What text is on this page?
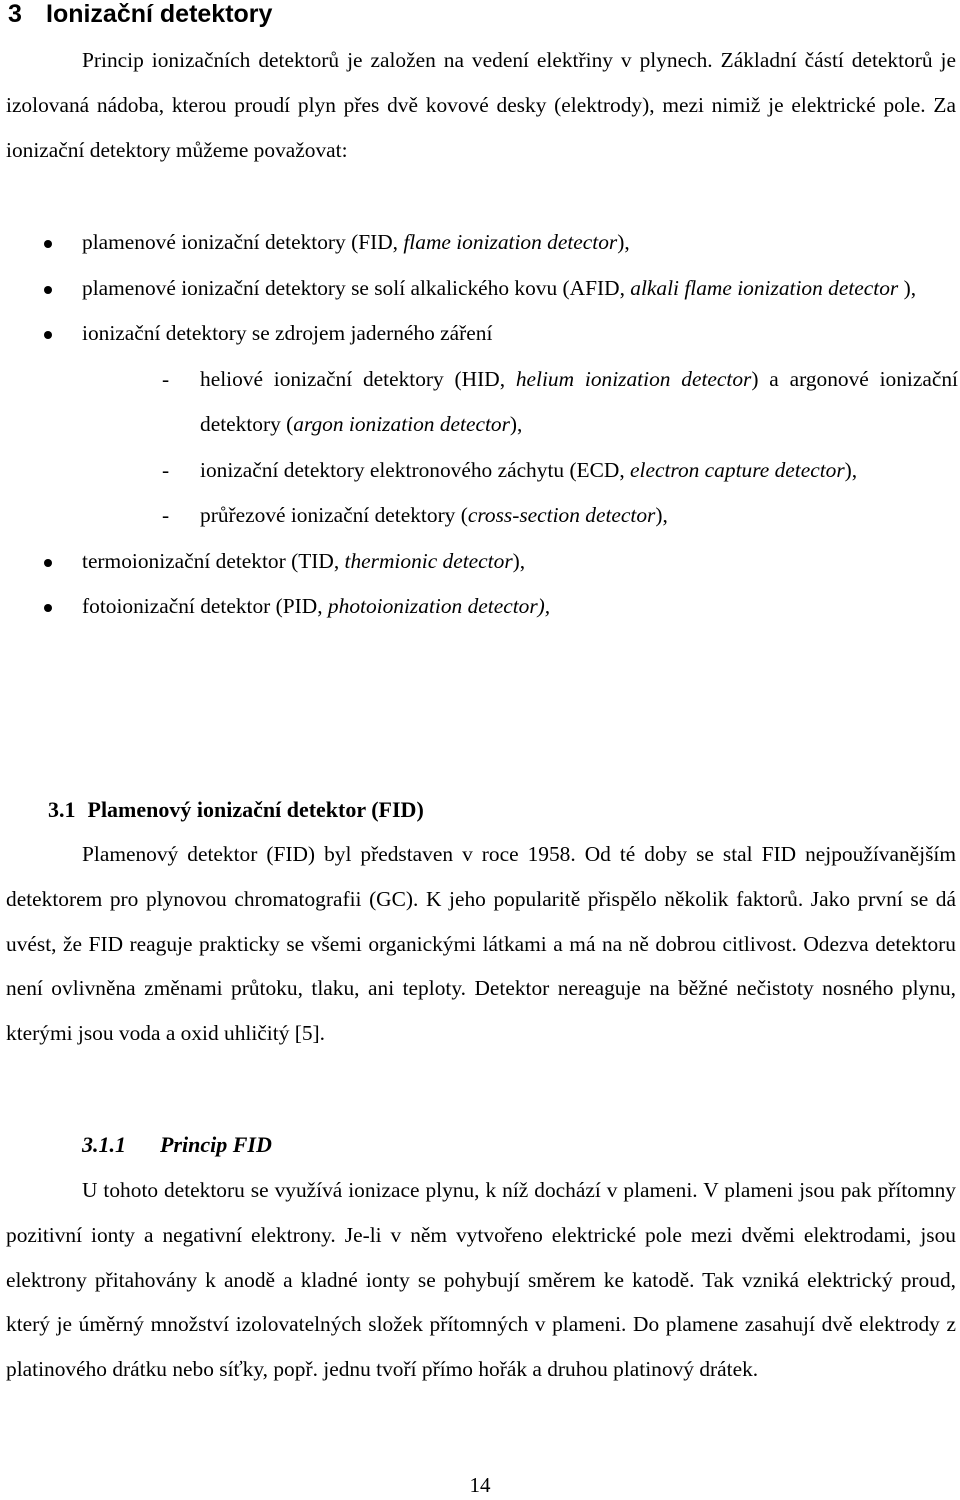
3 Ionizační detektory

Princip ionizačních detektorů je založen na vedení elektřiny v plynech. Základní částí detektorů je izolovaná nádoba, kterou proudí plyn přes dvě kovové desky (elektrody), mezi nimiž je elektrické pole. Za ionizační detektory můžeme považovat:

plamenové ionizační detektory (FID, flame ionization detector),
plamenové ionizační detektory se solí alkalického kovu (AFID, alkali flame ionization detector ),
ionizační detektory se zdrojem jaderného záření
- heliové ionizační detektory (HID, helium ionization detector) a argonové ionizační detektory (argon ionization detector),
- ionizační detektory elektronového záchytu (ECD, electron capture detector),
- průřezové ionizační detektory (cross-section detector),
termoionizační detektor (TID, thermionic detector),
fotoionizační detektor (PID, photoionization detector),
3.1 Plamenový ionizační detektor (FID)

Plamenový detektor (FID) byl představen v roce 1958. Od té doby se stal FID nejpoužívanějším detektorem pro plynovou chromatografii (GC). K jeho popularitě přispělo několik faktorů. Jako první se dá uvést, že FID reaguje prakticky se všemi organickými látkami a má na ně dobrou citlivost. Odezva detektoru není ovlivněna změnami průtoku, tlaku, ani teploty. Detektor nereaguje na běžné nečistoty nosného plynu, kterými jsou voda a oxid uhličitý [5].

3.1.1 Princip FID

U tohoto detektoru se využívá ionizace plynu, k níž dochází v plameni. V plameni jsou pak přítomny pozitivní ionty a negativní elektrony. Je-li v něm vytvořeno elektrické pole mezi dvěmi elektrodami, jsou elektrony přitahovány k anodě a kladné ionty se pohybují směrem ke katodě. Tak vzniká elektrický proud, který je úměrný množství izolovatelných složek přítomných v plameni. Do plamene zasahují dvě elektrody z platinového drátku nebo síťky, popř. jednu tvoří přímo hořák a druhou platinový drátek.

14
